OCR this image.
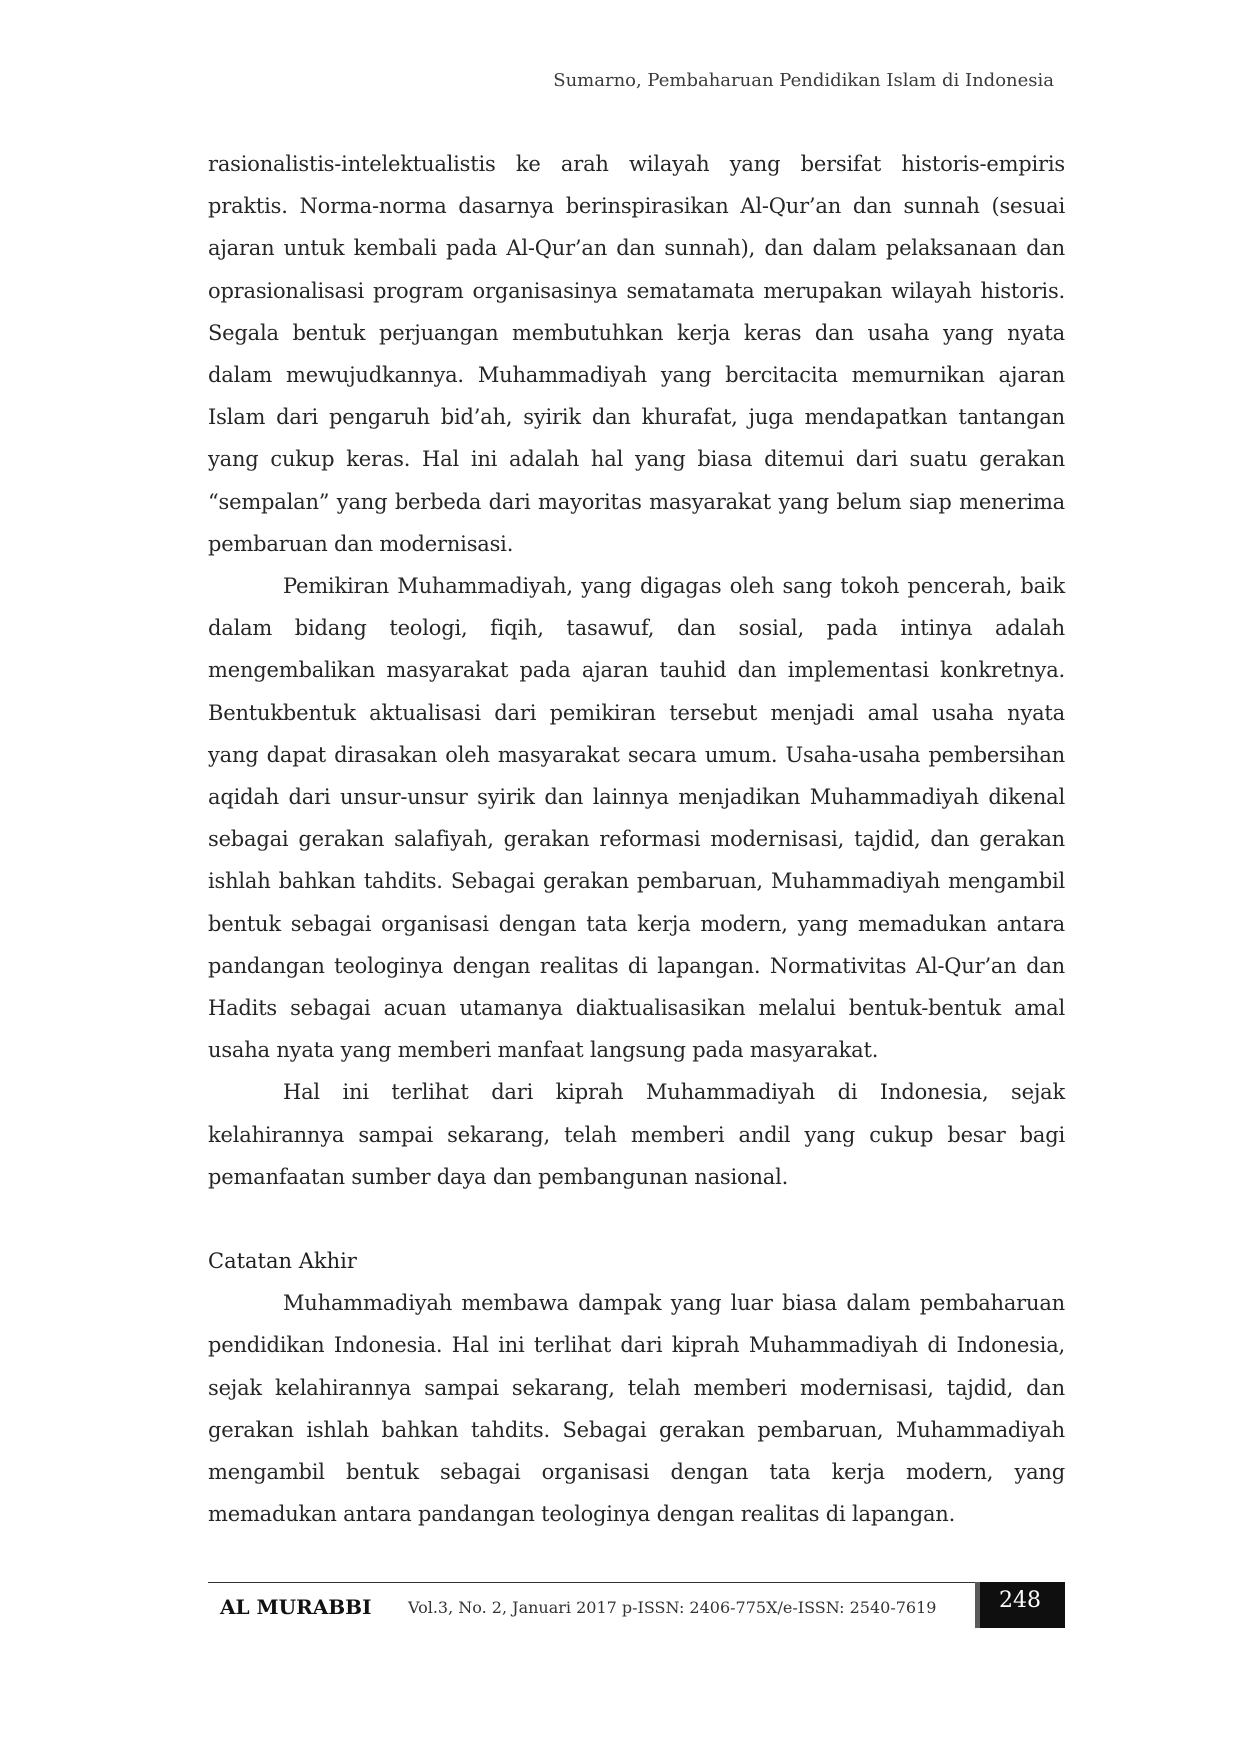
Sumarno, Pembaharuan Pendidikan Islam di Indonesia

rasionalistis-intelektualistis ke arah wilayah yang bersifat historis-empiris praktis. Norma-norma dasarnya berinspirasikan Al-Qur’an dan sunnah (sesuai ajaran untuk kembali pada Al-Qur’an dan sunnah), dan dalam pelaksanaan dan oprasionalisasi program organisasinya sematamata merupakan wilayah historis. Segala bentuk perjuangan membutuhkan kerja keras dan usaha yang nyata dalam mewujudkannya. Muhammadiyah yang bercitacita memurnikan ajaran Islam dari pengaruh bid’ah, syirik dan khurafat, juga mendapatkan tantangan yang cukup keras. Hal ini adalah hal yang biasa ditemui dari suatu gerakan “sempalan” yang berbeda dari mayoritas masyarakat yang belum siap menerima pembaruan dan modernisasi.

Pemikiran Muhammadiyah, yang digagas oleh sang tokoh pencerah, baik dalam bidang teologi, fiqih, tasawuf, dan sosial, pada intinya adalah mengembalikan masyarakat pada ajaran tauhid dan implementasi konkretnya. Bentukbentuk aktualisasi dari pemikiran tersebut menjadi amal usaha nyata yang dapat dirasakan oleh masyarakat secara umum. Usaha-usaha pembersihan aqidah dari unsur-unsur syirik dan lainnya menjadikan Muhammadiyah dikenal sebagai gerakan salafiyah, gerakan reformasi modernisasi, tajdid, dan gerakan ishlah bahkan tahdits. Sebagai gerakan pembaruan, Muhammadiyah mengambil bentuk sebagai organisasi dengan tata kerja modern, yang memadukan antara pandangan teologinya dengan realitas di lapangan. Normativitas Al-Qur’an dan Hadits sebagai acuan utamanya diaktualisasikan melalui bentuk-bentuk amal usaha nyata yang memberi manfaat langsung pada masyarakat.

Hal ini terlihat dari kiprah Muhammadiyah di Indonesia, sejak kelahirannya sampai sekarang, telah memberi andil yang cukup besar bagi pemanfaatan sumber daya dan pembangunan nasional.

Catatan Akhir

Muhammadiyah membawa dampak yang luar biasa dalam pembaharuan pendidikan Indonesia. Hal ini terlihat dari kiprah Muhammadiyah di Indonesia, sejak kelahirannya sampai sekarang, telah memberi modernisasi, tajdid, dan gerakan ishlah bahkan tahdits. Sebagai gerakan pembaruan, Muhammadiyah mengambil bentuk sebagai organisasi dengan tata kerja modern, yang memadukan antara pandangan teologinya dengan realitas di lapangan.

AL MURABBI Vol.3, No. 2, Januari 2017 p-ISSN: 2406-775X/e-ISSN: 2540-7619	248
